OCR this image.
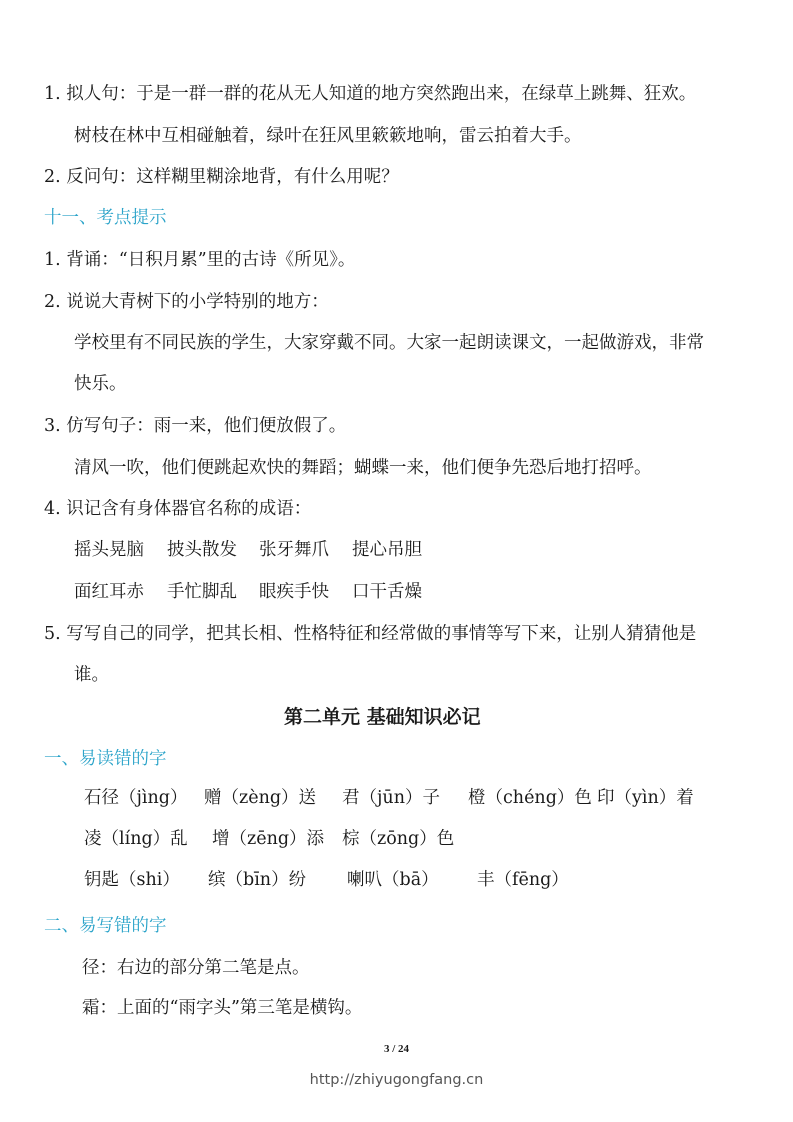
1. 拟人句：于是一群一群的花从无人知道的地方突然跑出来，在绿草上跳舞、狂欢。
树枝在林中互相碰触着，绿叶在狂风里簌簌地响，雷云拍着大手。
2. 反问句：这样糊里糊涂地背，有什么用呢？
十一、考点提示
1. 背诵：“日积月累”里的古诗《所见》。
2. 说说大青树下的小学特别的地方：
学校里有不同民族的学生，大家穿戴不同。大家一起朗读课文，一起做游戏，非常
快乐。
3. 仿写句子：雨一来，他们便放假了。
清风一吹，他们便跳起欢快的舞蹈；蝴蝶一来，他们便争先恐后地打招呼。
4. 识记含有身体器官名称的成语：
摇头晃脑 披头散发 张牙舞爪 提心吊胆
面红耳赤 手忙脚乱 眼疾手快 口干舌燥
5. 写写自己的同学，把其长相、性格特征和经常做的事情等写下来，让别人猜猜他是
谁。
第二单元 基础知识必记
一、易读错的字
石径（jìng） 赠（zèng）送 君（jūn）子 橙（chéng）色 印（yìn）着
凌（líng）乱 增（zēng）添 棕（zōng）色
钥匙（shi） 缤（bīn）纷 喇叭（bā） 丰（fēng）
二、易写错的字
径：右边的部分第二笔是点。
霜：上面的“雨字头”第三笔是横钩。
3 / 24
http://zhiyugongfang.cn
